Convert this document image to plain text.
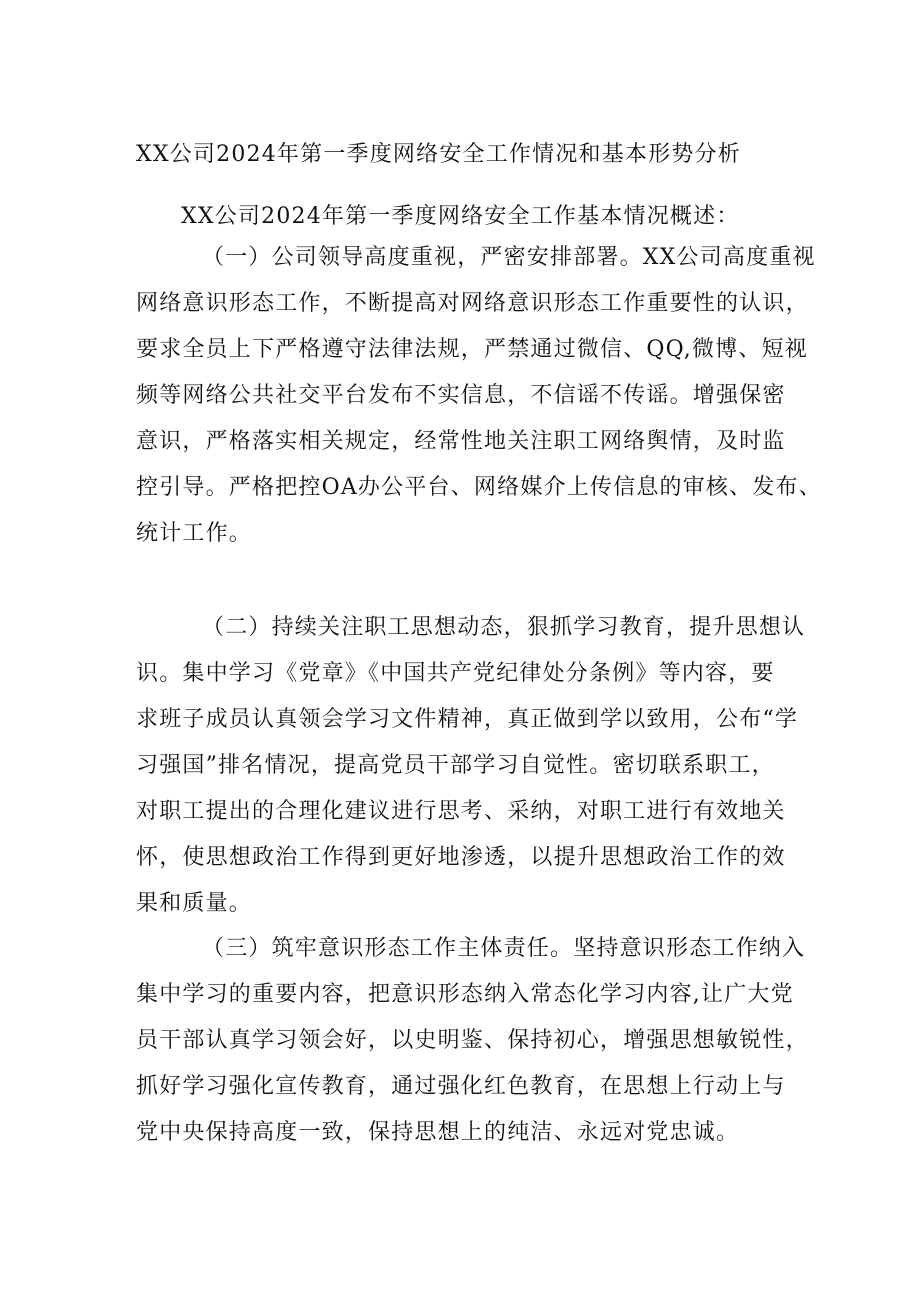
XX公司2024年第一季度网络安全工作情况和基本形势分析
XX公司2024年第一季度网络安全工作基本情况概述：
（一）公司领导高度重视，严密安排部署。XX公司高度重视
网络意识形态工作，不断提高对网络意识形态工作重要性的认识，
要求全员上下严格遵守法律法规，严禁通过微信、QQ,微博、短视
频等网络公共社交平台发布不实信息，不信谣不传谣。增强保密
意识，严格落实相关规定，经常性地关注职工网络舆情，及时监
控引导。严格把控OA办公平台、网络媒介上传信息的审核、发布、
统计工作。
（二）持续关注职工思想动态，狠抓学习教育，提升思想认
识。集中学习《党章》《中国共产党纪律处分条例》等内容，要
求班子成员认真领会学习文件精神，真正做到学以致用，公布“学
习强国”排名情况，提高党员干部学习自觉性。密切联系职工，
对职工提出的合理化建议进行思考、采纳，对职工进行有效地关
怀，使思想政治工作得到更好地渗透，以提升思想政治工作的效
果和质量。
（三）筑牢意识形态工作主体责任。坚持意识形态工作纳入
集中学习的重要内容，把意识形态纳入常态化学习内容,让广大党
员干部认真学习领会好，以史明鉴、保持初心，增强思想敏锐性，
抓好学习强化宣传教育，通过强化红色教育，在思想上行动上与
党中央保持高度一致，保持思想上的纯洁、永远对党忠诚。
